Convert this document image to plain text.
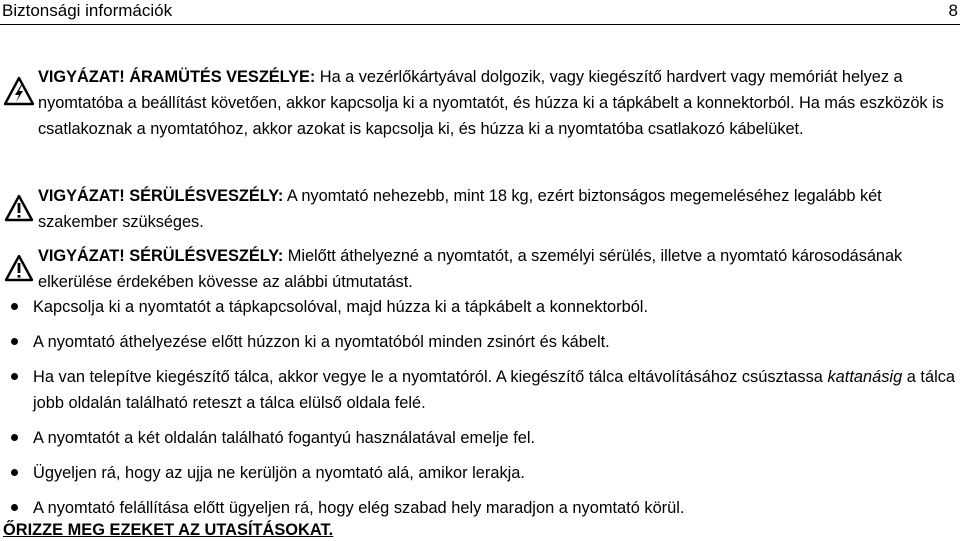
Biztonsági információk	8
VIGYÁZAT! ÁRAMÜTÉS VESZÉLYE: Ha a vezérlőkártyával dolgozik, vagy kiegészítő hardvert vagy memóriát helyez a nyomtatóba a beállítást követően, akkor kapcsolja ki a nyomtatót, és húzza ki a tápkábelt a konnektorból. Ha más eszközök is csatlakoznak a nyomtatóhoz, akkor azokat is kapcsolja ki, és húzza ki a nyomtatóba csatlakozó kábelüket.
VIGYÁZAT! SÉRÜLÉSVESZÉLY: A nyomtató nehezebb, mint 18 kg, ezért biztonságos megemeléséhez legalább két szakember szükséges.
VIGYÁZAT! SÉRÜLÉSVESZÉLY: Mielőtt áthelyezné a nyomtatót, a személyi sérülés, illetve a nyomtató károsodásának elkerülése érdekében kövesse az alábbi útmutatást.
Kapcsolja ki a nyomtatót a tápkapcsolóval, majd húzza ki a tápkábelt a konnektorból.
A nyomtató áthelyezése előtt húzzon ki a nyomtatóból minden zsinórt és kábelt.
Ha van telepítve kiegészítő tálca, akkor vegye le a nyomtatóról. A kiegészítő tálca eltávolításához csúsztassa kattanásig a tálca jobb oldalán található reteszt a tálca elülső oldala felé.
A nyomtatót a két oldalán található fogantyú használatával emelje fel.
Ügyeljen rá, hogy az ujja ne kerüljön a nyomtató alá, amikor lerakja.
A nyomtató felállítása előtt ügyeljen rá, hogy elég szabad hely maradjon a nyomtató körül.
ŐRIZZE MEG EZEKET AZ UTASÍTÁSOKAT.
